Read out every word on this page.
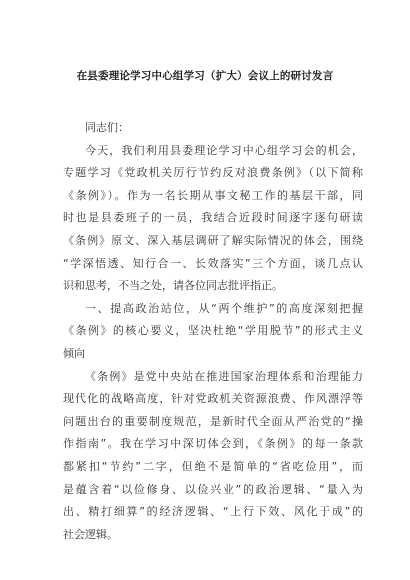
在县委理论学习中心组学习（扩大）会议上的研讨发言
同志们：
今天，我们利用县委理论学习中心组学习会的机会，
专题学习《党政机关厉行节约反对浪费条例》（以下简称
《条例》）。作为一名长期从事文秘工作的基层干部，同
时也是县委班子的一员，我结合近段时间逐字逐句研读
《条例》原文、深入基层调研了解实际情况的体会，围绕
“学深悟透、知行合一、长效落实”三个方面，谈几点认
识和思考，不当之处，请各位同志批评指正。
一、提高政治站位，从“两个维护”的高度深刻把握
《条例》的核心要义，坚决杜绝“学用脱节”的形式主义
倾向
《条例》是党中央站在推进国家治理体系和治理能力
现代化的战略高度，针对党政机关资源浪费、作风漂浮等
问题出台的重要制度规范，是新时代全面从严治党的“操
作指南”。我在学习中深切体会到，《条例》的每一条款
都紧扣“节约”二字，但绝不是简单的“省吃俭用”，而
是蕴含着“以俭修身、以俭兴业”的政治逻辑、“量入为
出、精打细算”的经济逻辑、“上行下效、风化于成”的
社会逻辑。
